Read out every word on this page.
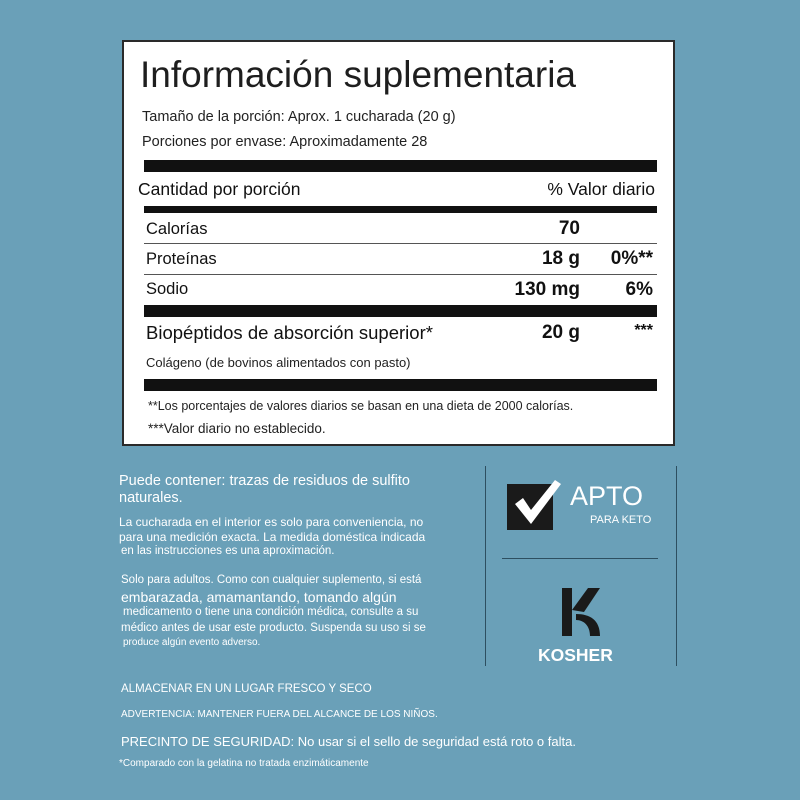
Información suplementaria
Tamaño de la porción: Aprox. 1 cucharada (20 g)
Porciones por envase: Aproximadamente 28
Cantidad por porción	% Valor diario
Calorías	70
Proteínas	18 g 0%**
Sodio	130 mg 6%
Biopéptidos de absorción superior*	20 g	***
Colágeno (de bovinos alimentados con pasto)
**Los porcentajes de valores diarios se basan en una dieta de 2000 calorías.
***Valor diario no establecido.
Puede contener: trazas de residuos de sulfito
naturales.
La cucharada en el interior es solo para conveniencia, no
para una medición exacta. La medida doméstica indicada
en las instrucciones es una aproximación.
Solo para adultos. Como con cualquier suplemento, si está
embarazada, amamantando, tomando algún
medicamento o tiene una condición médica, consulte a su
médico antes de usar este producto. Suspenda su uso si se
produce algún evento adverso.
ALMACENAR EN UN LUGAR FRESCO Y SECO
ADVERTENCIA: MANTENER FUERA DEL ALCANCE DE LOS NIÑOS.
PRECINTO DE SEGURIDAD: No usar si el sello de seguridad está roto o falta.
*Comparado con la gelatina no tratada enzimáticamente
APTO
PARA KETO
KOSHER
